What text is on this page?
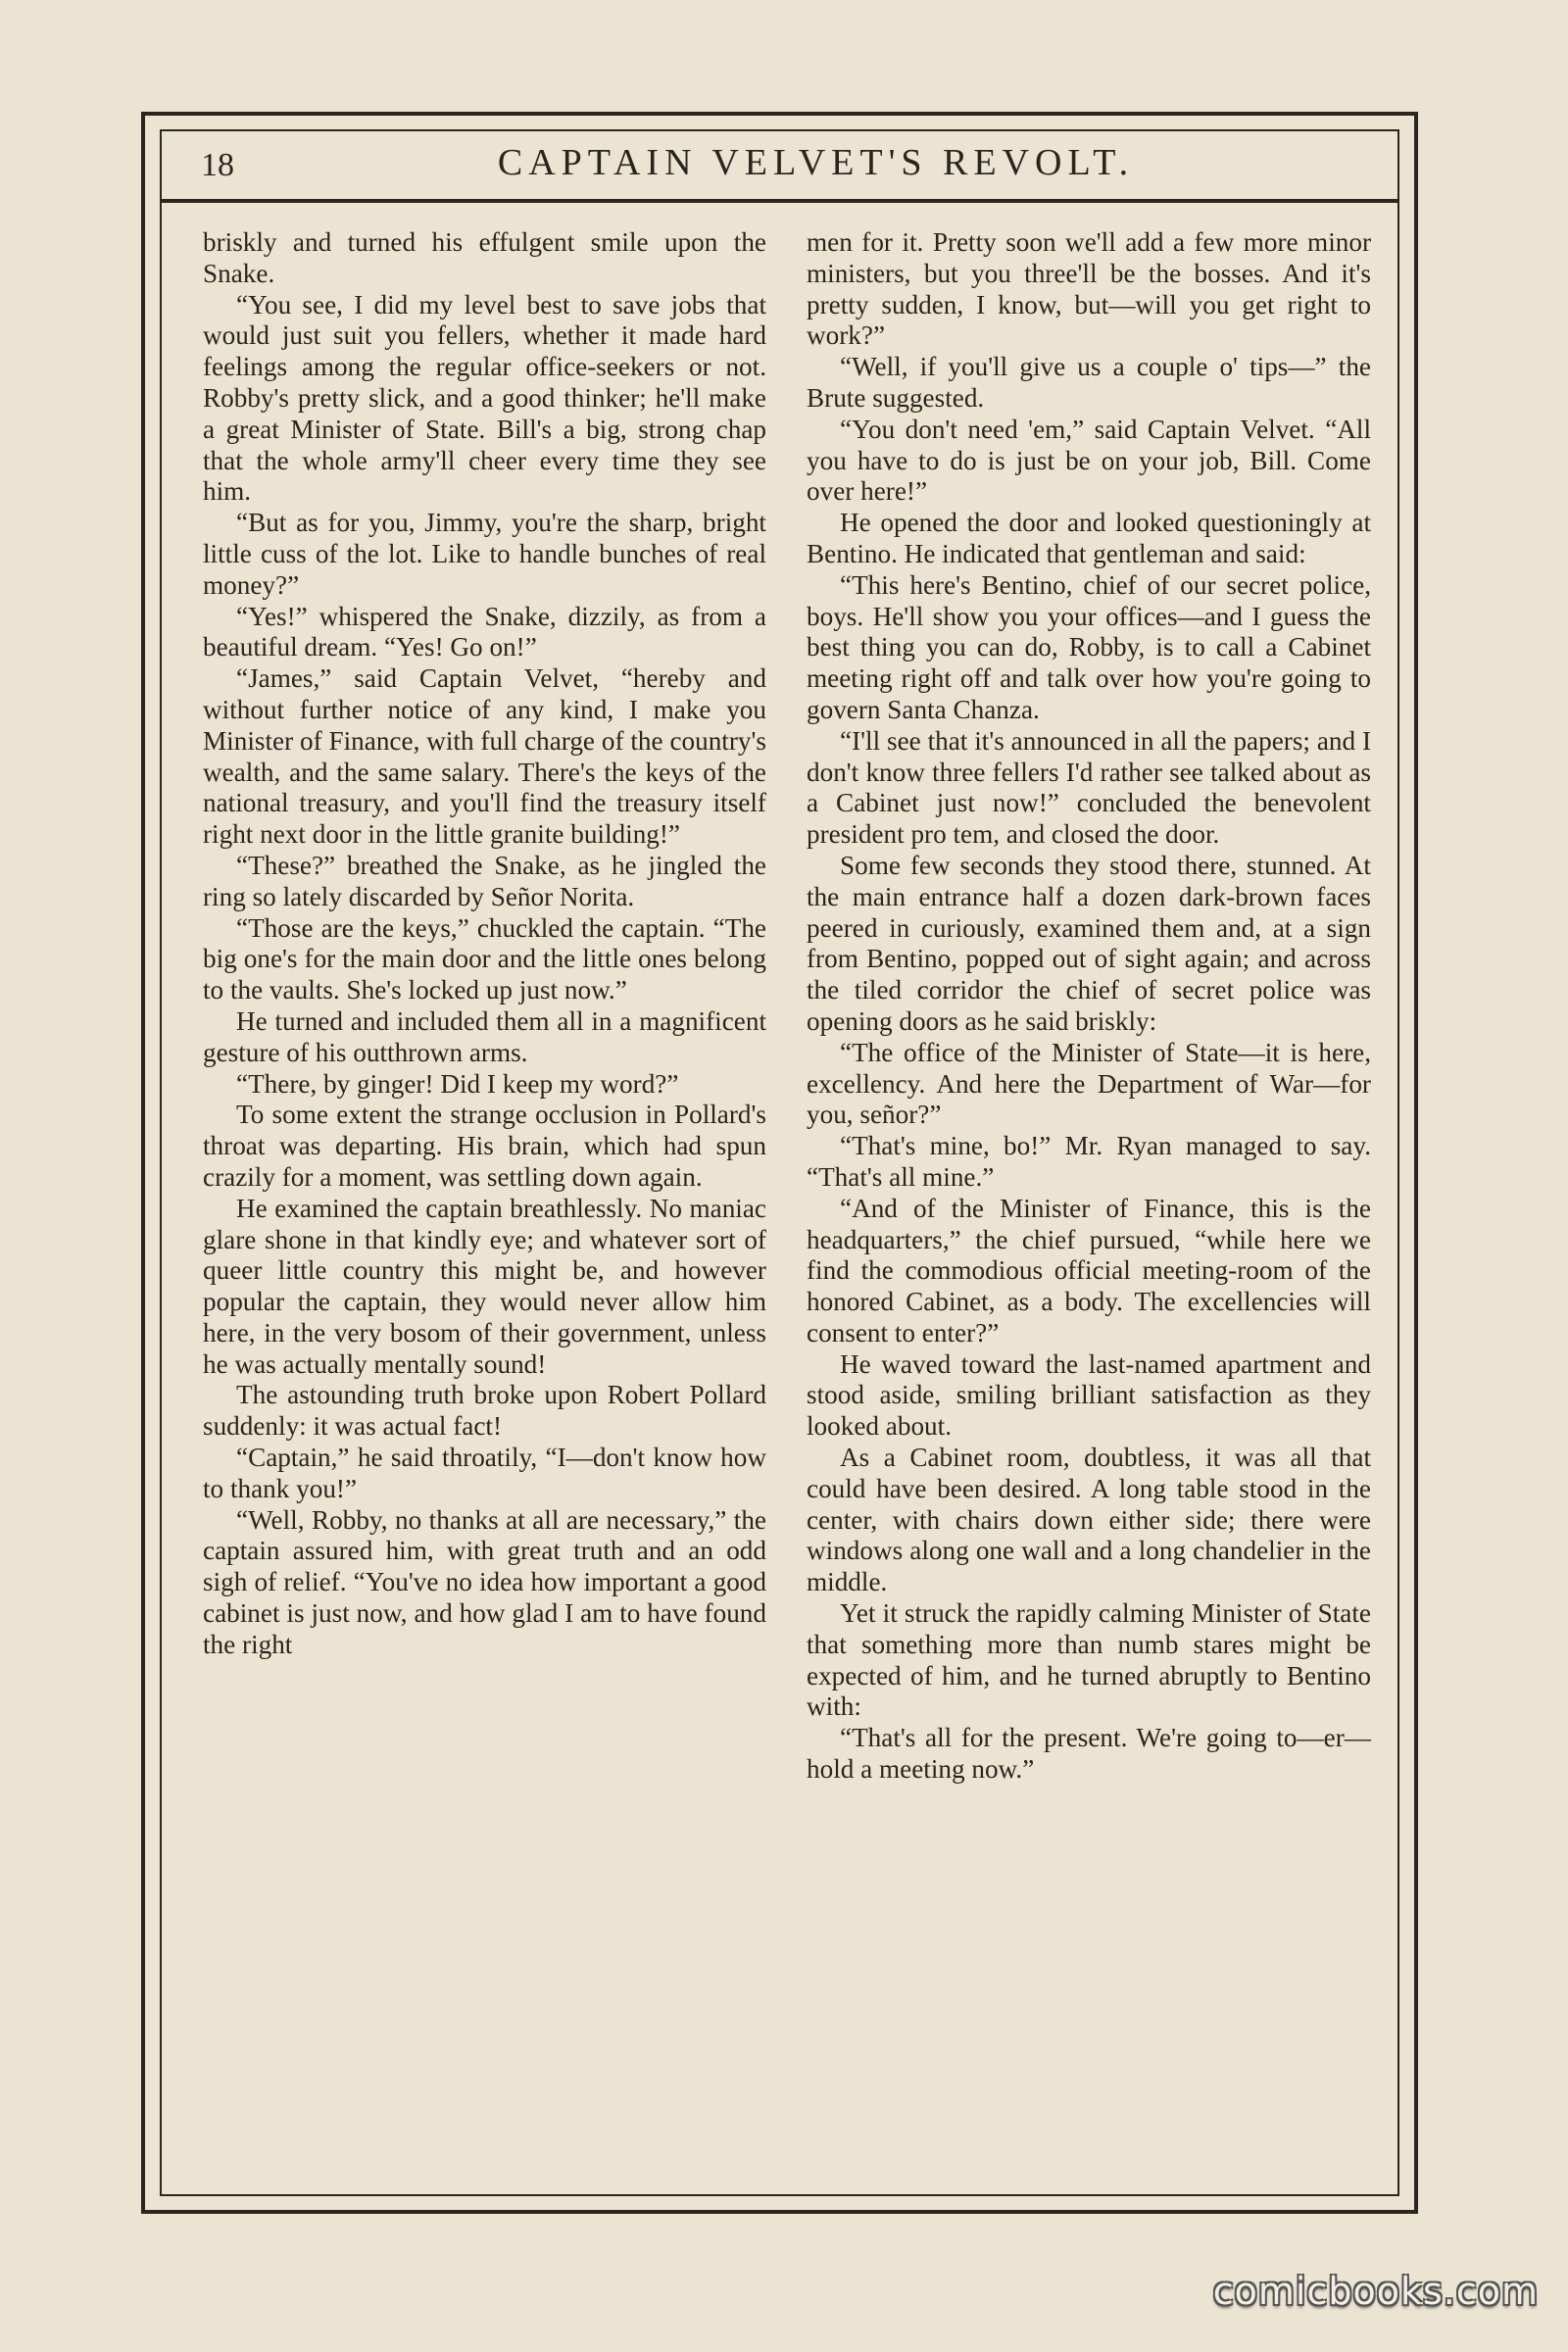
18	CAPTAIN VELVET'S REVOLT.

briskly and turned his effulgent smile upon the Snake.

“You see, I did my level best to save jobs that would just suit you fellers, whether it made hard feelings among the regular office-seekers or not. Robby's pretty slick, and a good thinker; he'll make a great Minister of State. Bill's a big, strong chap that the whole army'll cheer every time they see him.

“But as for you, Jimmy, you're the sharp, bright little cuss of the lot. Like to handle bunches of real money?”

“Yes!” whispered the Snake, dizzily, as from a beautiful dream. “Yes! Go on!”

“James,” said Captain Velvet, “hereby and without further notice of any kind, I make you Minister of Finance, with full charge of the country's wealth, and the same salary. There's the keys of the national treasury, and you'll find the treasury itself right next door in the little granite building!”

“These?” breathed the Snake, as he jingled the ring so lately discarded by Señor Norita.

“Those are the keys,” chuckled the captain. “The big one's for the main door and the little ones belong to the vaults. She's locked up just now.”

He turned and included them all in a magnificent gesture of his outthrown arms.

“There, by ginger! Did I keep my word?”

To some extent the strange occlusion in Pollard's throat was departing. His brain, which had spun crazily for a moment, was settling down again.

He examined the captain breathlessly. No maniac glare shone in that kindly eye; and whatever sort of queer little country this might be, and however popular the captain, they would never allow him here, in the very bosom of their government, unless he was actually mentally sound!

The astounding truth broke upon Robert Pollard suddenly: it was actual fact!

“Captain,” he said throatily, “I—don't know how to thank you!”

“Well, Robby, no thanks at all are necessary,” the captain assured him, with great truth and an odd sigh of relief. “You've no idea how important a good cabinet is just now, and how glad I am to have found the right

men for it. Pretty soon we'll add a few more minor ministers, but you three'll be the bosses. And it's pretty sudden, I know, but—will you get right to work?”

“Well, if you'll give us a couple o' tips—” the Brute suggested.

“You don't need 'em,” said Captain Velvet. “All you have to do is just be on your job, Bill. Come over here!”

He opened the door and looked questioningly at Bentino. He indicated that gentleman and said:

“This here's Bentino, chief of our secret police, boys. He'll show you your offices—and I guess the best thing you can do, Robby, is to call a Cabinet meeting right off and talk over how you're going to govern Santa Chanza.

“I'll see that it's announced in all the papers; and I don't know three fellers I'd rather see talked about as a Cabinet just now!” concluded the benevolent president pro tem, and closed the door.

Some few seconds they stood there, stunned. At the main entrance half a dozen dark-brown faces peered in curiously, examined them and, at a sign from Bentino, popped out of sight again; and across the tiled corridor the chief of secret police was opening doors as he said briskly:

“The office of the Minister of State—it is here, excellency. And here the Department of War—for you, señor?”

“That's mine, bo!” Mr. Ryan managed to say. “That's all mine.”

“And of the Minister of Finance, this is the headquarters,” the chief pursued, “while here we find the commodious official meeting-room of the honored Cabinet, as a body. The excellencies will consent to enter?”

He waved toward the last-named apartment and stood aside, smiling brilliant satisfaction as they looked about.

As a Cabinet room, doubtless, it was all that could have been desired. A long table stood in the center, with chairs down either side; there were windows along one wall and a long chandelier in the middle.

Yet it struck the rapidly calming Minister of State that something more than numb stares might be expected of him, and he turned abruptly to Bentino with:

“That's all for the present. We're going to—er—hold a meeting now.”

comicbooks.com
